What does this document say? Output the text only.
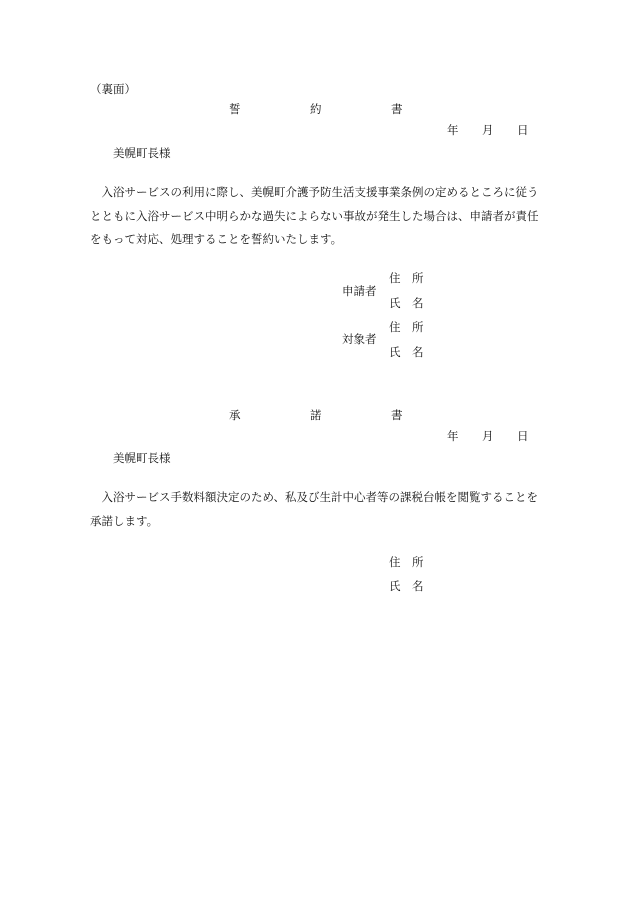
（裏面）
誓	約	書
年 月 日
美幌町長様
　入浴サービスの利用に際し、美幌町介護予防生活支援事業条例の定めるところに従う
とともに入浴サービス中明らかな過失によらない事故が発生した場合は、申請者が責任
をもって対応、処理することを誓約いたします。
申請者
住　所
氏　名
対象者
住　所
氏　名
承	諾	書
年 月 日
美幌町長様
　入浴サービス手数料額決定のため、私及び生計中心者等の課税台帳を閲覧することを
承諾します。
住　所
氏　名
